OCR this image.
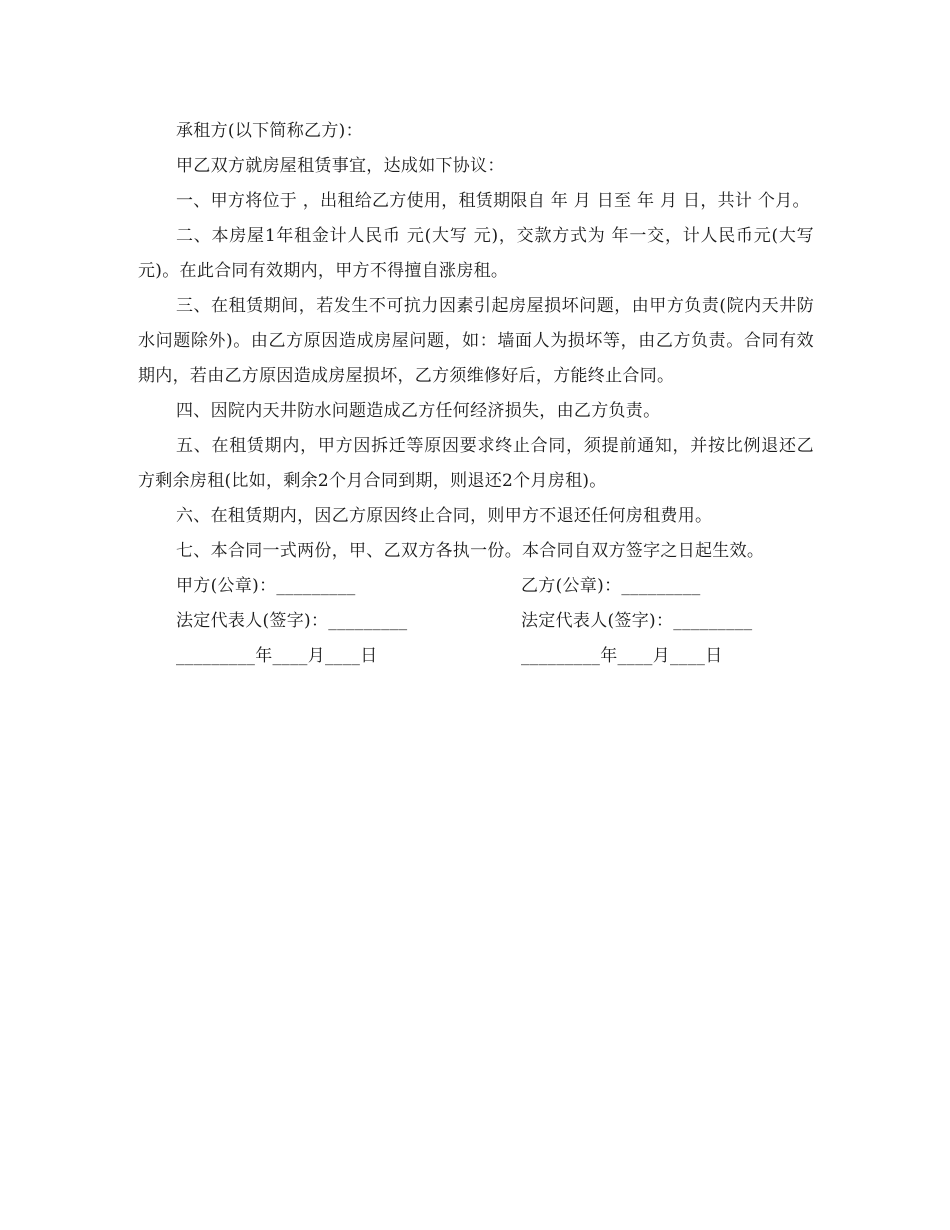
承租方(以下简称乙方)：

甲乙双方就房屋租赁事宜，达成如下协议：

一、甲方将位于 ，出租给乙方使用，租赁期限自 年 月 日至 年 月 日，共计 个月。

二、本房屋1年租金计人民币 元(大写 元)，交款方式为 年一交，计人民币元(大写 元)。在此合同有效期内，甲方不得擅自涨房租。

三、在租赁期间，若发生不可抗力因素引起房屋损坏问题，由甲方负责(院内天井防水问题除外)。由乙方原因造成房屋问题，如：墙面人为损坏等，由乙方负责。合同有效期内，若由乙方原因造成房屋损坏，乙方须维修好后，方能终止合同。

四、因院内天井防水问题造成乙方任何经济损失，由乙方负责。

五、在租赁期内，甲方因拆迁等原因要求终止合同，须提前通知，并按比例退还乙方剩余房租(比如，剩余2个月合同到期，则退还2个月房租)。

六、在租赁期内，因乙方原因终止合同，则甲方不退还任何房租费用。

七、本合同一式两份，甲、乙双方各执一份。本合同自双方签字之日起生效。

甲方(公章)：_________	乙方(公章)：_________
法定代表人(签字)：_________	法定代表人(签字)：_________
_________年____月____日	_________年____月____日
